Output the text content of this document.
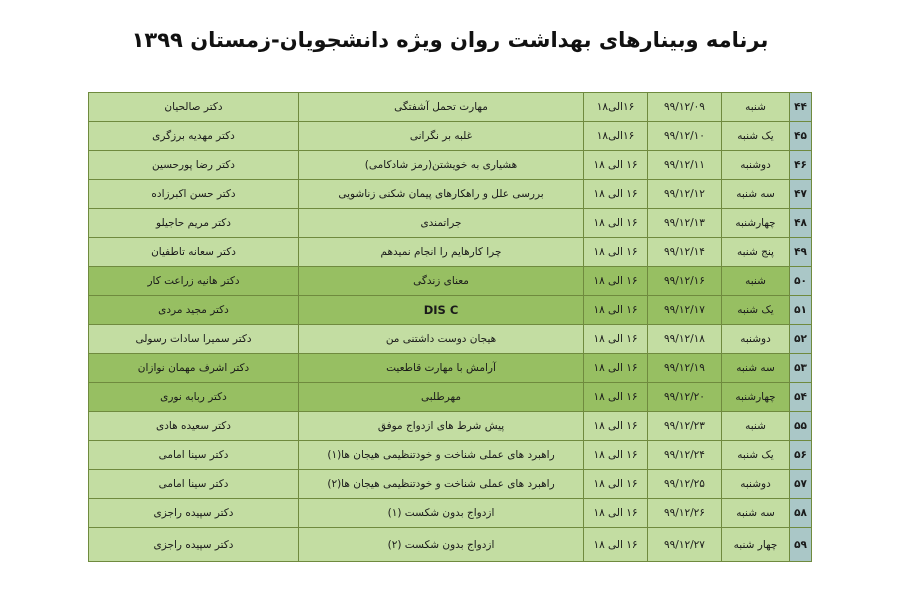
برنامه وبینارهای بهداشت روان ویژه دانشجویان-زمستان ۱۳۹۹
۴۴	شنبه	۹۹/۱۲/۰۹	۱۶الی۱۸	مهارت تحمل آشفتگی	دکتر صالحیان
۴۵	یک شنبه	۹۹/۱۲/۱۰	۱۶الی۱۸	غلبه بر نگرانی	دکتر مهدیه برزگری
۴۶	دوشنبه	۹۹/۱۲/۱۱	۱۶ الی ۱۸	هشیاری به خویشتن(رمز شادکامی)	دکتر رضا پورحسین
۴۷	سه شنبه	۹۹/۱۲/۱۲	۱۶ الی ۱۸	بررسی علل و راهکارهای پیمان شکنی زناشویی	دکتر حسن اکبرزاده
۴۸	چهارشنبه	۹۹/۱۲/۱۳	۱۶ الی ۱۸	جراتمندی	دکتر مریم حاجیلو
۴۹	پنج شنبه	۹۹/۱۲/۱۴	۱۶ الی ۱۸	چرا کارهایم را انجام نمیدهم	دکتر سعانه تاطفیان
۵۰	شنبه	۹۹/۱۲/۱۶	۱۶ الی ۱۸	معنای زندگی	دکتر هانیه زراعت کار
۵۱	یک شنبه	۹۹/۱۲/۱۷	۱۶ الی ۱۸	DIS C	دکتر مجید مردی
۵۲	دوشنبه	۹۹/۱۲/۱۸	۱۶ الی ۱۸	هیجان دوست داشتنی من	دکتر سمیرا سادات رسولی
۵۳	سه شنبه	۹۹/۱۲/۱۹	۱۶ الی ۱۸	آرامش با مهارت قاطعیت	دکتر اشرف مهمان نوازان
۵۴	چهارشنبه	۹۹/۱۲/۲۰	۱۶ الی ۱۸	مهرطلبی	دکتر ربابه نوری
۵۵	شنبه	۹۹/۱۲/۲۳	۱۶ الی ۱۸	پیش شرط های ازدواج موفق	دکتر سعیده هادی
۵۶	یک شنبه	۹۹/۱۲/۲۴	۱۶ الی ۱۸	راهبرد های عملی شناخت و خودتنظیمی هیجان ها(۱)	دکتر سینا امامی
۵۷	دوشنبه	۹۹/۱۲/۲۵	۱۶ الی ۱۸	راهبرد های عملی شناخت و خودتنظیمی هیجان ها(۲)	دکتر سینا امامی
۵۸	سه شنبه	۹۹/۱۲/۲۶	۱۶ الی ۱۸	ازدواج بدون شکست (۱)	دکتر سپیده راجزی
۵۹	چهار شنبه	۹۹/۱۲/۲۷	۱۶ الی ۱۸	ازدواج بدون شکست (۲)	دکتر سپیده راجزی
